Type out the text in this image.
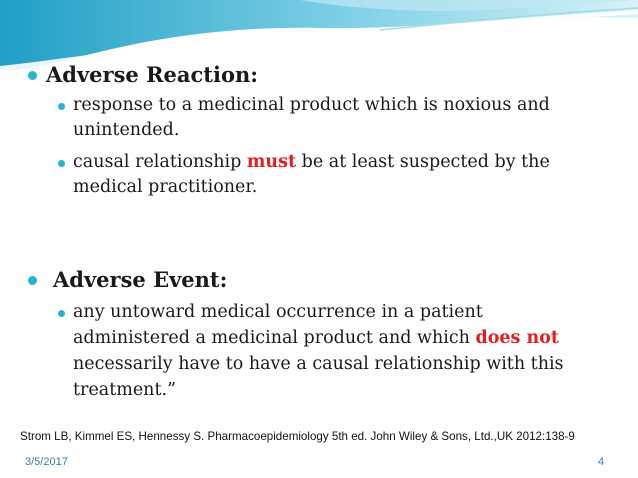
Adverse Reaction:
response to a medicinal product which is noxious and
unintended.
causal relationship must be at least suspected by the
medical practitioner.
Adverse Event:
any untoward medical occurrence in a patient
administered a medicinal product and which does not
necessarily have to have a causal relationship with this
treatment.”
Strom LB, Kimmel ES, Hennessy S. Pharmacoepidemiology 5th ed. John Wiley & Sons, Ltd.,UK 2012:138-9
3/5/2017	4
